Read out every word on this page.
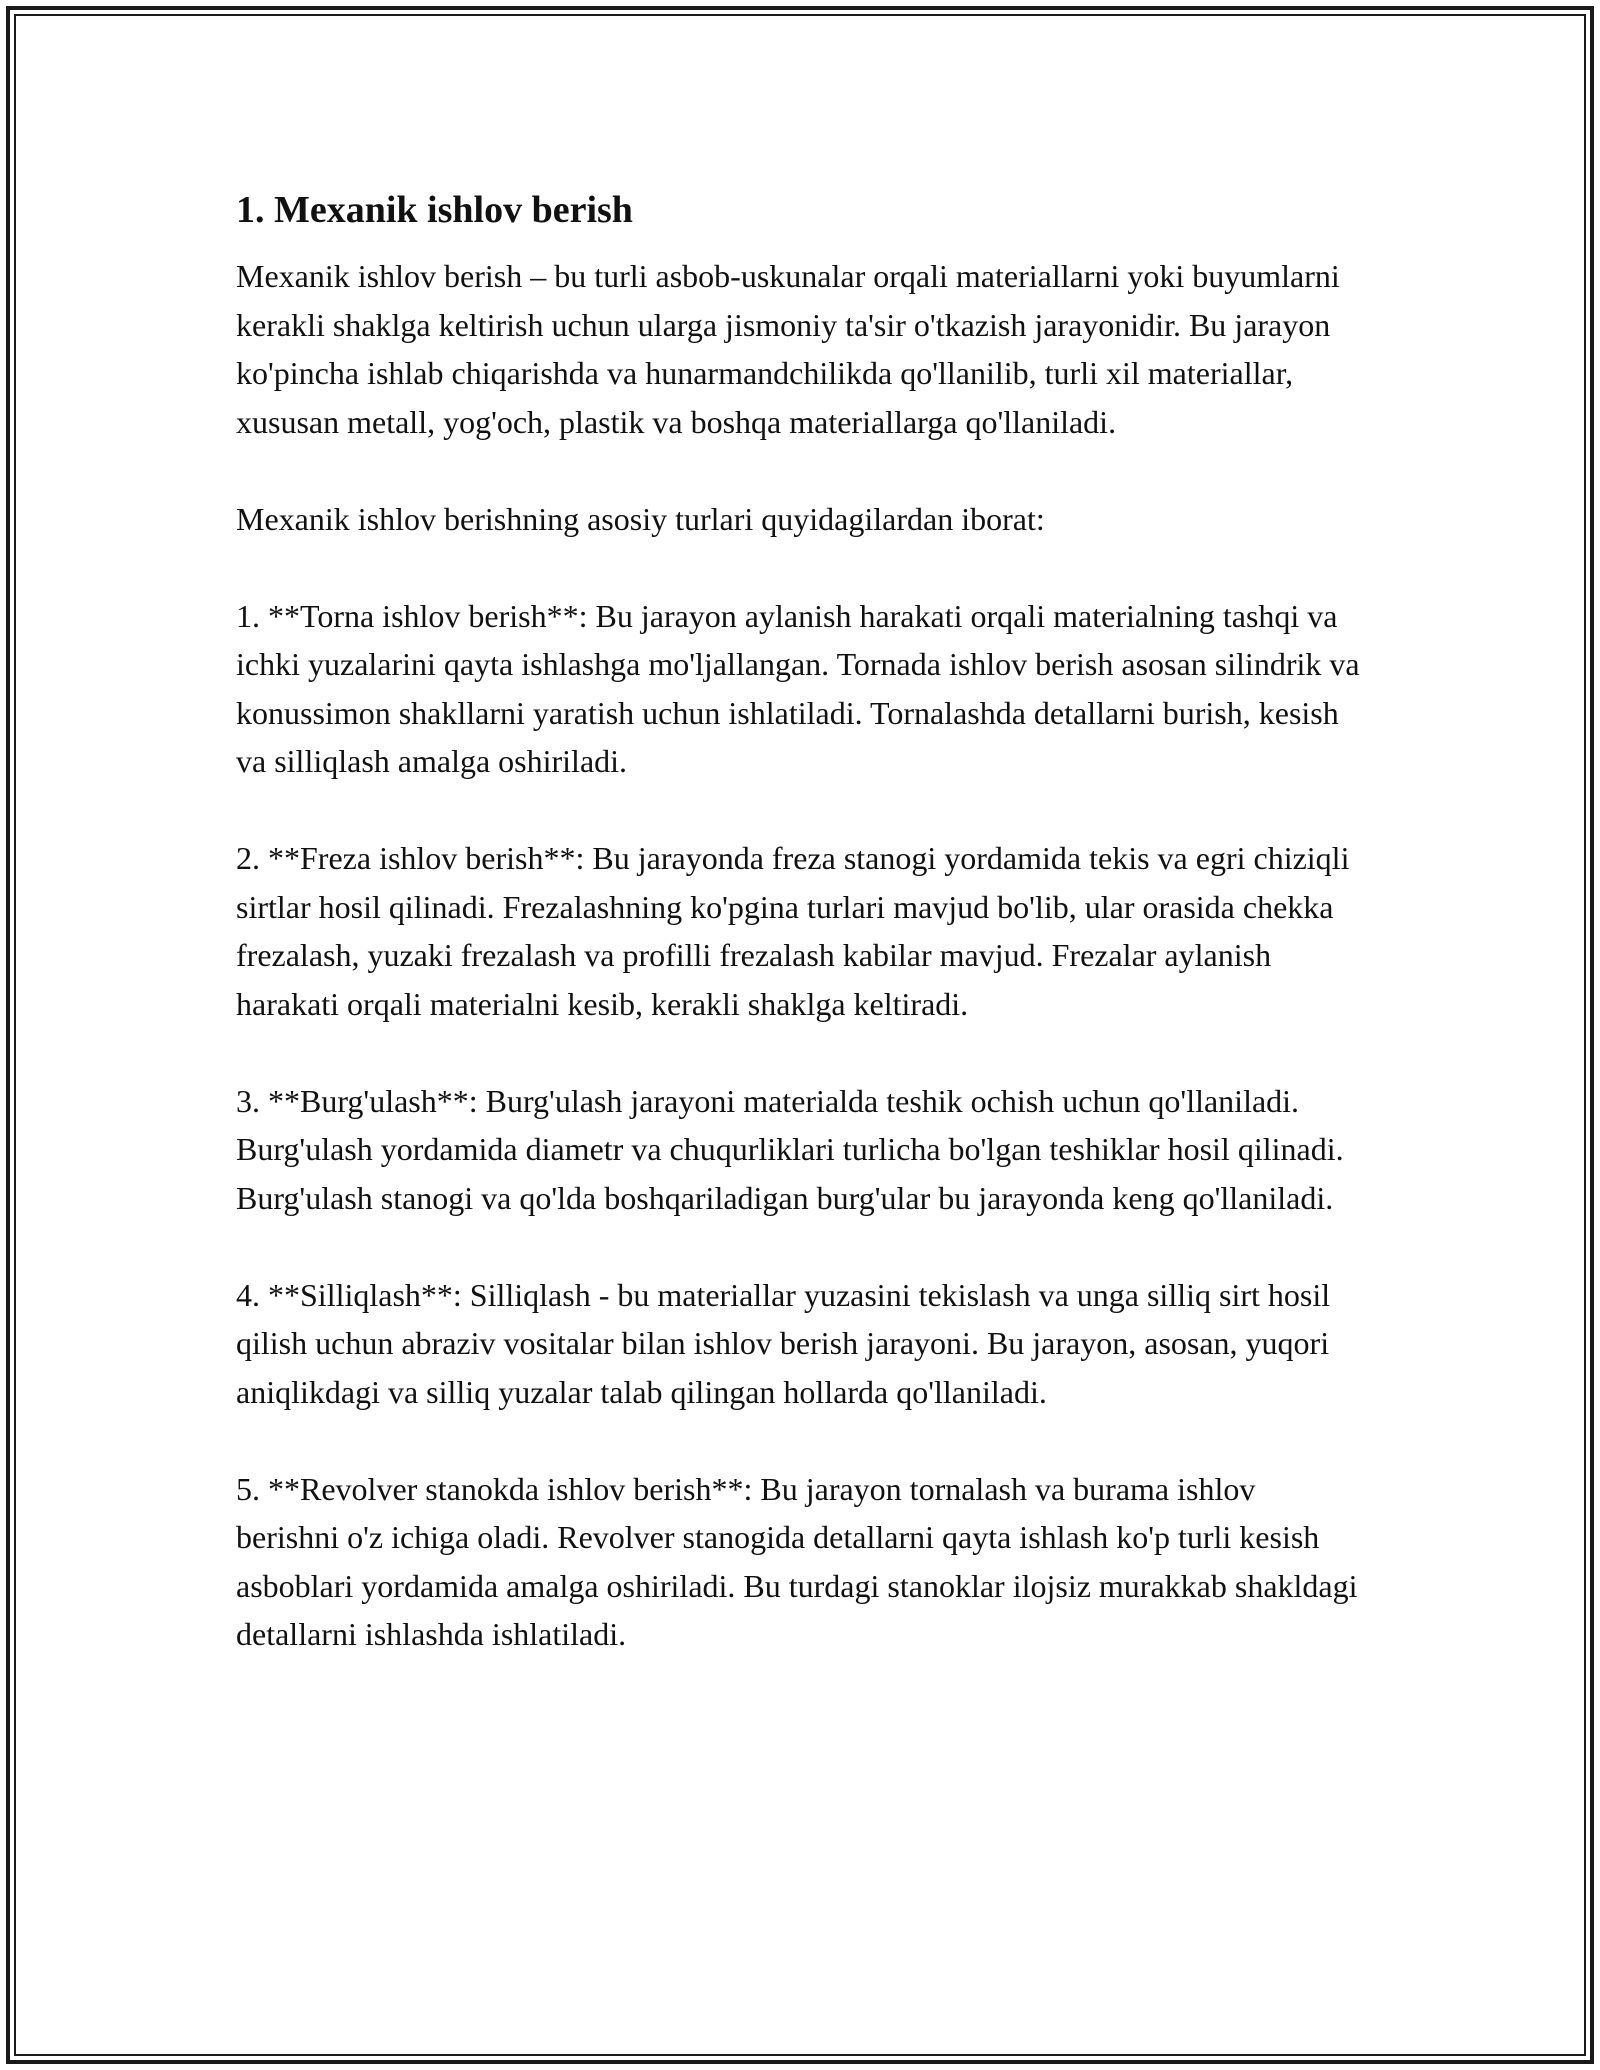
1. Mexanik ishlov berish

Mexanik ishlov berish – bu turli asbob-uskunalar orqali materiallarni yoki buyumlarni kerakli shaklga keltirish uchun ularga jismoniy ta'sir o'tkazish jarayonidir. Bu jarayon ko'pincha ishlab chiqarishda va hunarmandchilikda qo'llanilib, turli xil materiallar, xususan metall, yog'och, plastik va boshqa materiallarga qo'llaniladi.

Mexanik ishlov berishning asosiy turlari quyidagilardan iborat:

1. **Torna ishlov berish**: Bu jarayon aylanish harakati orqali materialning tashqi va ichki yuzalarini qayta ishlashga mo'ljallangan. Tornada ishlov berish asosan silindrik va konussimon shakllarni yaratish uchun ishlatiladi. Tornalashda detallarni burish, kesish va silliqlash amalga oshiriladi.

2. **Freza ishlov berish**: Bu jarayonda freza stanogi yordamida tekis va egri chiziqli sirtlar hosil qilinadi. Frezalashning ko'pgina turlari mavjud bo'lib, ular orasida chekka frezalash, yuzaki frezalash va profilli frezalash kabilar mavjud. Frezalar aylanish harakati orqali materialni kesib, kerakli shaklga keltiradi.

3. **Burg'ulash**: Burg'ulash jarayoni materialda teshik ochish uchun qo'llaniladi. Burg'ulash yordamida diametr va chuqurliklari turlicha bo'lgan teshiklar hosil qilinadi. Burg'ulash stanogi va qo'lda boshqariladigan burg'ular bu jarayonda keng qo'llaniladi.

4. **Silliqlash**: Silliqlash - bu materiallar yuzasini tekislash va unga silliq sirt hosil qilish uchun abraziv vositalar bilan ishlov berish jarayoni. Bu jarayon, asosan, yuqori aniqlikdagi va silliq yuzalar talab qilingan hollarda qo'llaniladi.

5. **Revolver stanokda ishlov berish**: Bu jarayon tornalash va burama ishlov berishni o'z ichiga oladi. Revolver stanogida detallarni qayta ishlash ko'p turli kesish asboblari yordamida amalga oshiriladi. Bu turdagi stanoklar ilojsiz murakkab shakldagi detallarni ishlashda ishlatiladi.
